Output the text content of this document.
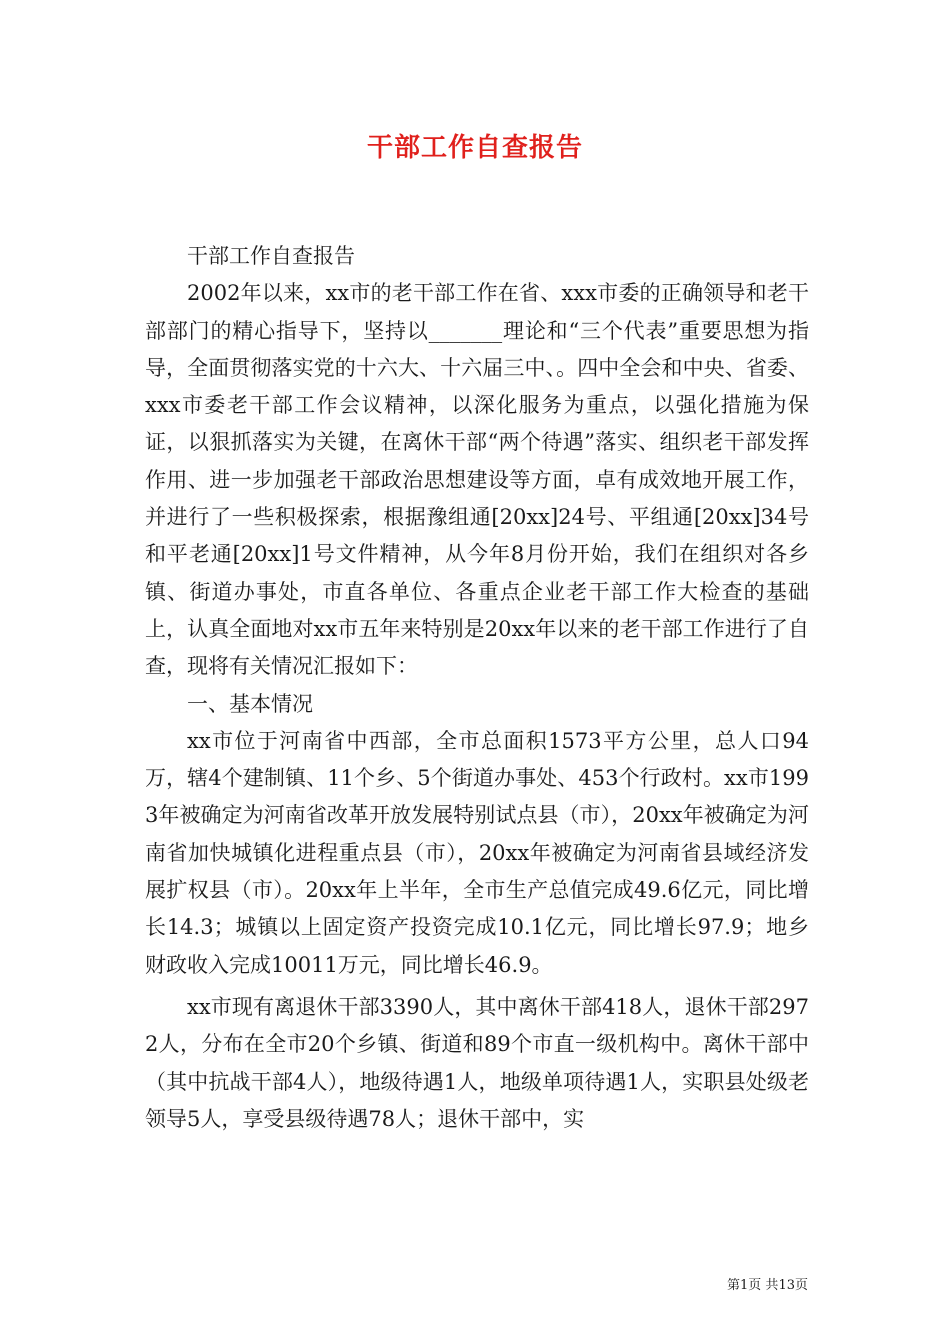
干部工作自查报告

干部工作自查报告

2002年以来，xx市的老干部工作在省、xxx市委的正确领导和老干部部门的精心指导下，坚持以_______理论和“三个代表”重要思想为指导，全面贯彻落实党的十六大、十六届三中、。四中全会和中央、省委、xxx市委老干部工作会议精神，以深化服务为重点，以强化措施为保证，以狠抓落实为关键，在离休干部“两个待遇”落实、组织老干部发挥作用、进一步加强老干部政治思想建设等方面，卓有成效地开展工作，并进行了一些积极探索，根据豫组通[20xx]24号、平组通[20xx]34号和平老通[20xx]1号文件精神，从今年8月份开始，我们在组织对各乡镇、街道办事处，市直各单位、各重点企业老干部工作大检查的基础上，认真全面地对xx市五年来特别是20xx年以来的老干部工作进行了自查，现将有关情况汇报如下：

一、基本情况

xx市位于河南省中西部，全市总面积1573平方公里，总人口94万，辖4个建制镇、11个乡、5个街道办事处、453个行政村。xx市1993年被确定为河南省改革开放发展特别试点县（市），20xx年被确定为河南省加快城镇化进程重点县（市），20xx年被确定为河南省县域经济发展扩权县（市）。20xx年上半年，全市生产总值完成49.6亿元，同比增长14.3；城镇以上固定资产投资完成10.1亿元，同比增长97.9；地乡财政收入完成10011万元，同比增长46.9。

xx市现有离退休干部3390人，其中离休干部418人，退休干部2972人，分布在全市20个乡镇、街道和89个市直一级机构中。离休干部中（其中抗战干部4人），地级待遇1人，地级单项待遇1人，实职县处级老领导5人，享受县级待遇78人；退休干部中，实

第1页 共13页
